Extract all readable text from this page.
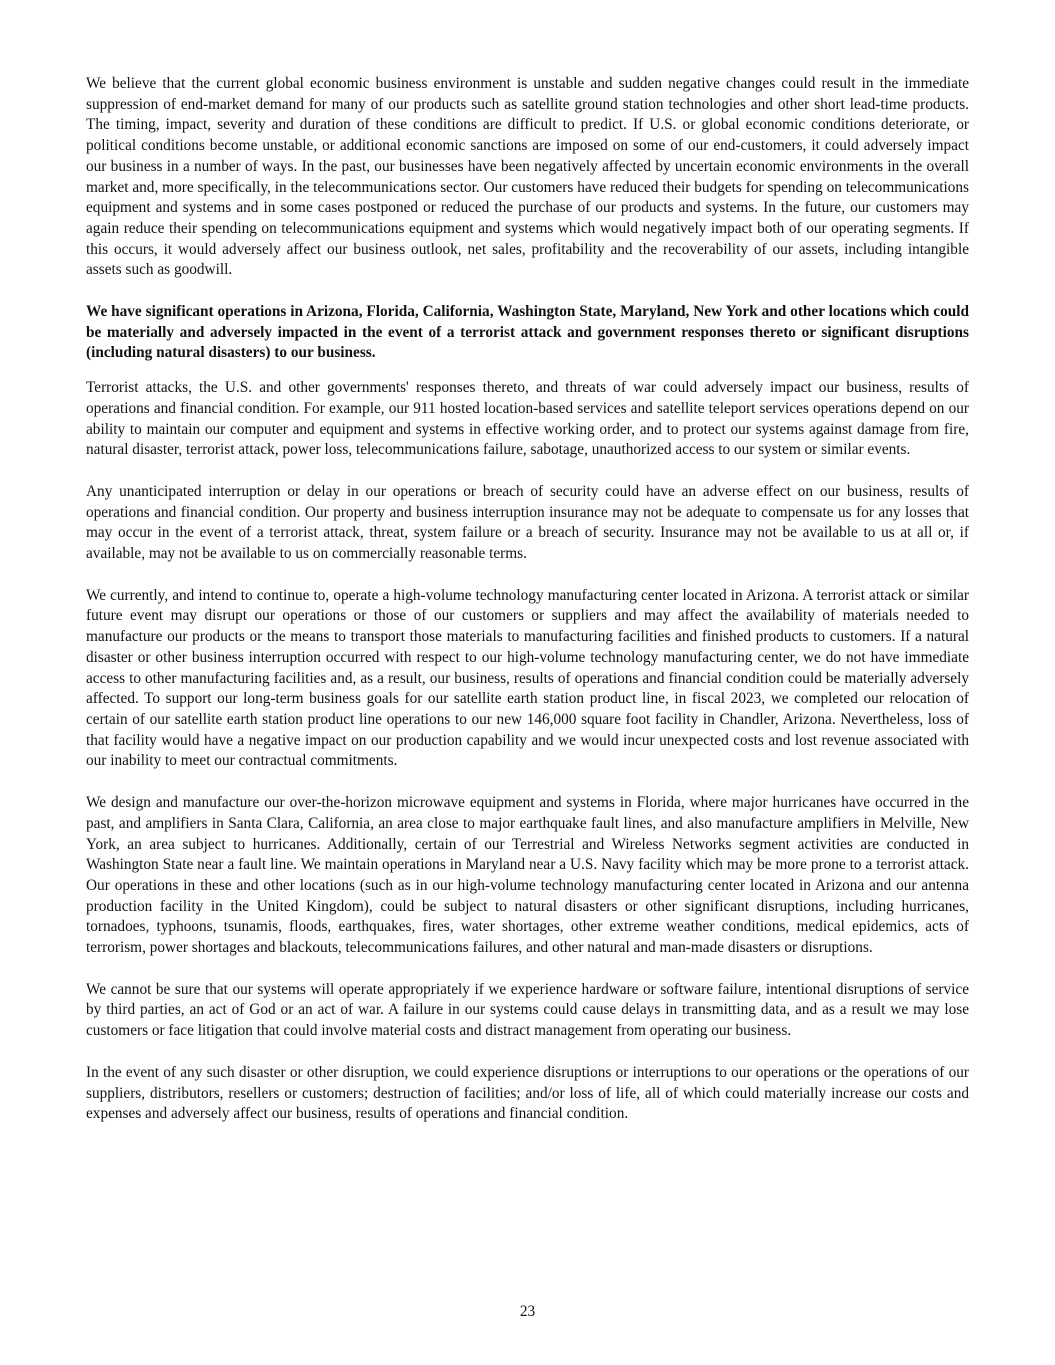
We believe that the current global economic business environment is unstable and sudden negative changes could result in the immediate suppression of end-market demand for many of our products such as satellite ground station technologies and other short lead-time products. The timing, impact, severity and duration of these conditions are difficult to predict. If U.S. or global economic conditions deteriorate, or political conditions become unstable, or additional economic sanctions are imposed on some of our end-customers, it could adversely impact our business in a number of ways. In the past, our businesses have been negatively affected by uncertain economic environments in the overall market and, more specifically, in the telecommunications sector. Our customers have reduced their budgets for spending on telecommunications equipment and systems and in some cases postponed or reduced the purchase of our products and systems. In the future, our customers may again reduce their spending on telecommunications equipment and systems which would negatively impact both of our operating segments. If this occurs, it would adversely affect our business outlook, net sales, profitability and the recoverability of our assets, including intangible assets such as goodwill.

We have significant operations in Arizona, Florida, California, Washington State, Maryland, New York and other locations which could be materially and adversely impacted in the event of a terrorist attack and government responses thereto or significant disruptions (including natural disasters) to our business.

Terrorist attacks, the U.S. and other governments' responses thereto, and threats of war could adversely impact our business, results of operations and financial condition. For example, our 911 hosted location-based services and satellite teleport services operations depend on our ability to maintain our computer and equipment and systems in effective working order, and to protect our systems against damage from fire, natural disaster, terrorist attack, power loss, telecommunications failure, sabotage, unauthorized access to our system or similar events.

Any unanticipated interruption or delay in our operations or breach of security could have an adverse effect on our business, results of operations and financial condition. Our property and business interruption insurance may not be adequate to compensate us for any losses that may occur in the event of a terrorist attack, threat, system failure or a breach of security. Insurance may not be available to us at all or, if available, may not be available to us on commercially reasonable terms.

We currently, and intend to continue to, operate a high-volume technology manufacturing center located in Arizona. A terrorist attack or similar future event may disrupt our operations or those of our customers or suppliers and may affect the availability of materials needed to manufacture our products or the means to transport those materials to manufacturing facilities and finished products to customers. If a natural disaster or other business interruption occurred with respect to our high-volume technology manufacturing center, we do not have immediate access to other manufacturing facilities and, as a result, our business, results of operations and financial condition could be materially adversely affected. To support our long-term business goals for our satellite earth station product line, in fiscal 2023, we completed our relocation of certain of our satellite earth station product line operations to our new 146,000 square foot facility in Chandler, Arizona. Nevertheless, loss of that facility would have a negative impact on our production capability and we would incur unexpected costs and lost revenue associated with our inability to meet our contractual commitments.

We design and manufacture our over-the-horizon microwave equipment and systems in Florida, where major hurricanes have occurred in the past, and amplifiers in Santa Clara, California, an area close to major earthquake fault lines, and also manufacture amplifiers in Melville, New York, an area subject to hurricanes. Additionally, certain of our Terrestrial and Wireless Networks segment activities are conducted in Washington State near a fault line. We maintain operations in Maryland near a U.S. Navy facility which may be more prone to a terrorist attack. Our operations in these and other locations (such as in our high-volume technology manufacturing center located in Arizona and our antenna production facility in the United Kingdom), could be subject to natural disasters or other significant disruptions, including hurricanes, tornadoes, typhoons, tsunamis, floods, earthquakes, fires, water shortages, other extreme weather conditions, medical epidemics, acts of terrorism, power shortages and blackouts, telecommunications failures, and other natural and man-made disasters or disruptions.

We cannot be sure that our systems will operate appropriately if we experience hardware or software failure, intentional disruptions of service by third parties, an act of God or an act of war. A failure in our systems could cause delays in transmitting data, and as a result we may lose customers or face litigation that could involve material costs and distract management from operating our business.

In the event of any such disaster or other disruption, we could experience disruptions or interruptions to our operations or the operations of our suppliers, distributors, resellers or customers; destruction of facilities; and/or loss of life, all of which could materially increase our costs and expenses and adversely affect our business, results of operations and financial condition.

23
